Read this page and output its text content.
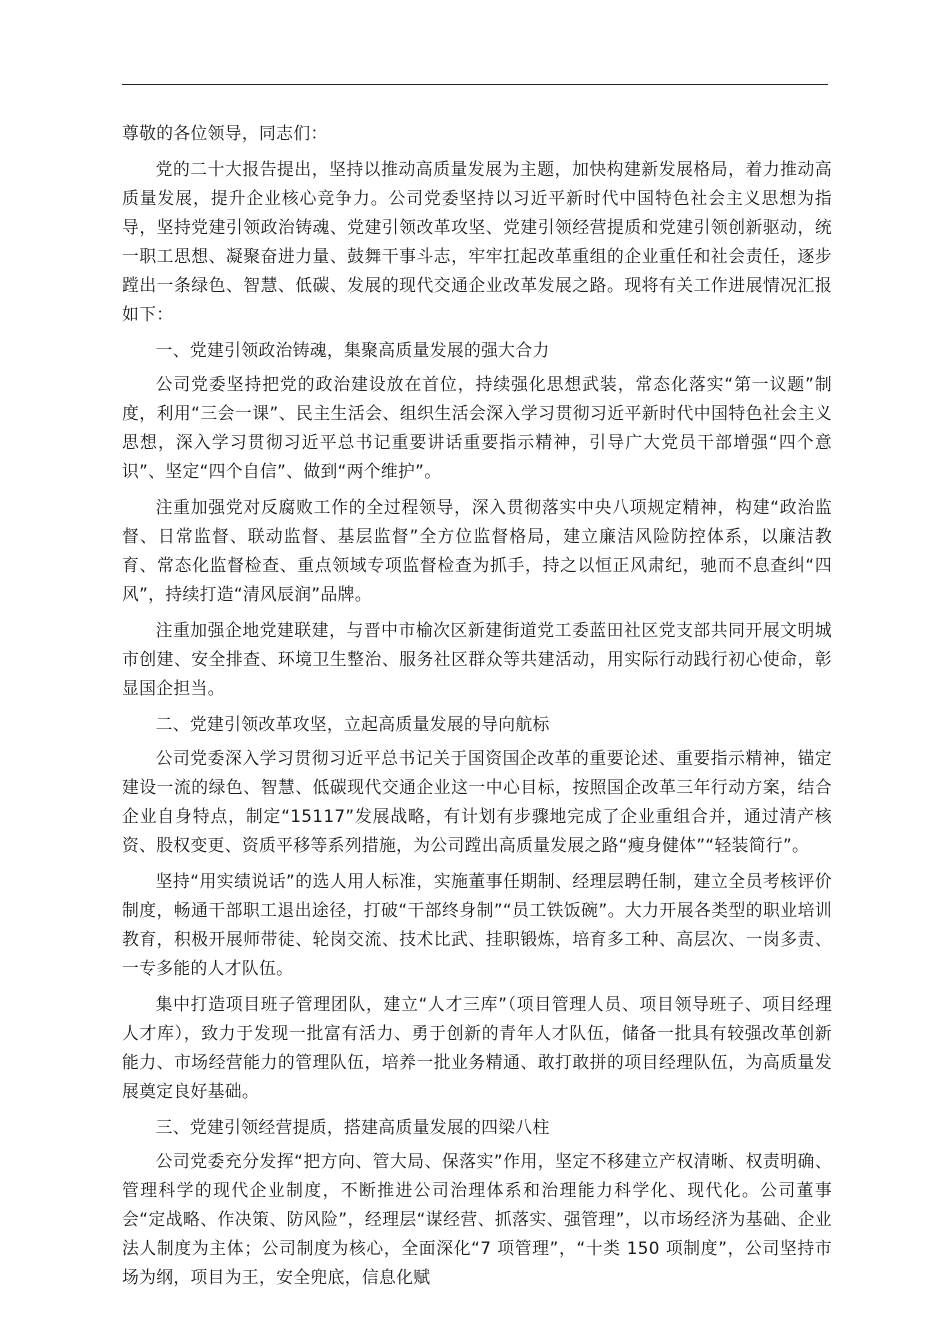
尊敬的各位领导，同志们：

党的二十大报告提出，坚持以推动高质量发展为主题，加快构建新发展格局，着力推动高质量发展，提升企业核心竞争力。公司党委坚持以习近平新时代中国特色社会主义思想为指导，坚持党建引领政治铸魂、党建引领改革攻坚、党建引领经营提质和党建引领创新驱动，统一职工思想、凝聚奋进力量、鼓舞干事斗志，牢牢扛起改革重组的企业重任和社会责任，逐步蹚出一条绿色、智慧、低碳、发展的现代交通企业改革发展之路。现将有关工作进展情况汇报如下：

一、党建引领政治铸魂，集聚高质量发展的强大合力

公司党委坚持把党的政治建设放在首位，持续强化思想武装，常态化落实“第一议题”制度，利用“三会一课”、民主生活会、组织生活会深入学习贯彻习近平新时代中国特色社会主义思想，深入学习贯彻习近平总书记重要讲话重要指示精神，引导广大党员干部增强“四个意识”、坚定“四个自信”、做到“两个维护”。

注重加强党对反腐败工作的全过程领导，深入贯彻落实中央八项规定精神，构建“政治监督、日常监督、联动监督、基层监督”全方位监督格局，建立廉洁风险防控体系，以廉洁教育、常态化监督检查、重点领域专项监督检查为抓手，持之以恒正风肃纪，驰而不息查纠“四风”，持续打造“清风辰润”品牌。

注重加强企地党建联建，与晋中市榆次区新建街道党工委蓝田社区党支部共同开展文明城市创建、安全排查、环境卫生整治、服务社区群众等共建活动，用实际行动践行初心使命，彰显国企担当。

二、党建引领改革攻坚，立起高质量发展的导向航标

公司党委深入学习贯彻习近平总书记关于国资国企改革的重要论述、重要指示精神，锚定建设一流的绿色、智慧、低碳现代交通企业这一中心目标，按照国企改革三年行动方案，结合企业自身特点，制定“15117”发展战略，有计划有步骤地完成了企业重组合并，通过清产核资、股权变更、资质平移等系列措施，为公司蹚出高质量发展之路“瘦身健体”“轻装简行”。

坚持“用实绩说话”的选人用人标准，实施董事任期制、经理层聘任制，建立全员考核评价制度，畅通干部职工退出途径，打破“干部终身制”“员工铁饭碗”。大力开展各类型的职业培训教育，积极开展师带徒、轮岗交流、技术比武、挂职锻炼，培育多工种、高层次、一岗多责、一专多能的人才队伍。

集中打造项目班子管理团队，建立“人才三库”（项目管理人员、项目领导班子、项目经理人才库），致力于发现一批富有活力、勇于创新的青年人才队伍，储备一批具有较强改革创新能力、市场经营能力的管理队伍，培养一批业务精通、敢打敢拼的项目经理队伍，为高质量发展奠定良好基础。

三、党建引领经营提质，搭建高质量发展的四梁八柱

公司党委充分发挥“把方向、管大局、保落实”作用，坚定不移建立产权清晰、权责明确、管理科学的现代企业制度，不断推进公司治理体系和治理能力科学化、现代化。公司董事会“定战略、作决策、防风险”，经理层“谋经营、抓落实、强管理”，以市场经济为基础、企业法人制度为主体；公司制度为核心，全面深化“7 项管理”，“十类 150 项制度”，公司坚持市场为纲，项目为王，安全兜底，信息化赋
